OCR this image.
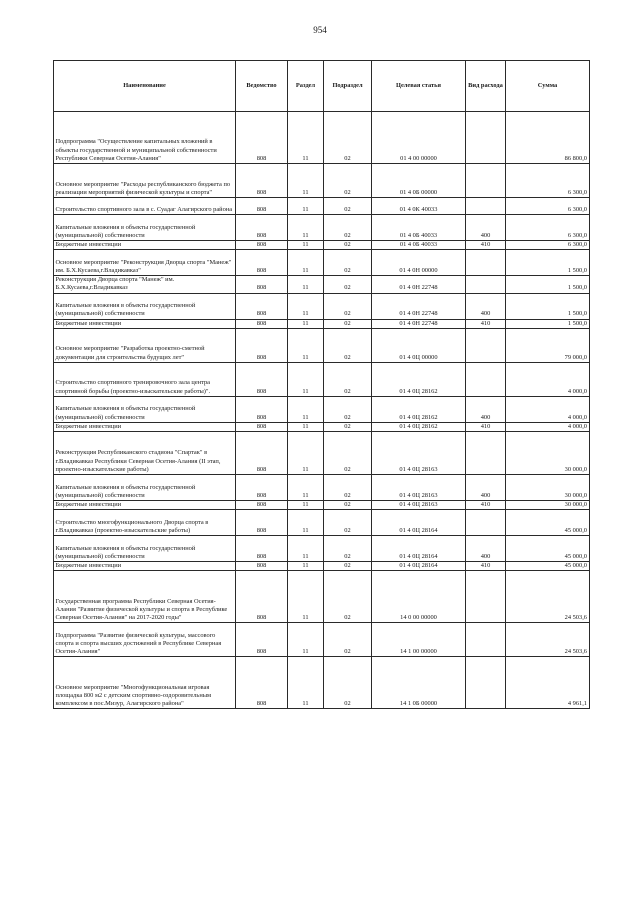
954
Наименование	Ведомство	Раздел	Подраздел	Целевая статья	Вид расхода	Сумма
Подпрограмма "Осуществление капитальных вложений в объекты государственной и муниципальной собственности Республики Северная Осетия-Алания"	808	11	02	01 4 00 00000		86 800,0
Основное мероприятие "Расходы республиканского бюджета по реализации мероприятий физической культуры и спорта"	808	11	02	01 4 0Б 00000		6 300,0
Строительство спортивного зала в с. Суадаг Алагирского района	808	11	02	01 4 0К 40033		6 300,0
Капитальные вложения в объекты государственной (муниципальной) собственности	808	11	02	01 4 0Б 40033	400	6 300,0
Бюджетные инвестиции	808	11	02	01 4 0Б 40033	410	6 300,0
Основное мероприятие "Реконструкция Дворца спорта "Манеж" им. Б.Х.Кусаева,г.Владикавказ"	808	11	02	01 4 0Н 00000		1 500,0
Реконструкция Дворца спорта "Манеж" им. Б.Х.Кусаева,г.Владикавказ	808	11	02	01 4 0Н 22748		1 500,0
Капитальные вложения в объекты государственной (муниципальной) собственности	808	11	02	01 4 0Н 22748	400	1 500,0
Бюджетные инвестиции	808	11	02	01 4 0Н 22748	410	1 500,0
Основное мероприятие "Разработка проектно-сметной документации для строительства будущих лет"	808	11	02	01 4 0Ц 00000		79 000,0
Строительство спортивного тренировочного зала центра спортивной борьбы (проектно-изыскательские работы)".	808	11	02	01 4 0Ц 28162		4 000,0
Капитальные вложения в объекты государственной (муниципальной) собственности	808	11	02	01 4 0Ц 28162	400	4 000,0
Бюджетные инвестиции	808	11	02	01 4 0Ц 28162	410	4 000,0
Реконструкция Республиканского стадиона "Спартак" в г.Владикавказ Республики Северная Осетия-Алания (II этап, проектно-изыскательские работы)	808	11	02	01 4 0Ц 28163		30 000,0
Капитальные вложения в объекты государственной (муниципальной) собственности	808	11	02	01 4 0Ц 28163	400	30 000,0
Бюджетные инвестиции	808	11	02	01 4 0Ц 28163	410	30 000,0
Строительство многофункционального Дворца спорта в г.Владикавказ (проектно-изыскательские работы)	808	11	02	01 4 0Ц 28164		45 000,0
Капитальные вложения в объекты государственной (муниципальной) собственности	808	11	02	01 4 0Ц 28164	400	45 000,0
Бюджетные инвестиции	808	11	02	01 4 0Ц 28164	410	45 000,0
Государственная программа Республики Северная Осетия-Алания "Развитие физической культуры и спорта в Республике Северная Осетия-Алания" на 2017-2020 годы"	808	11	02	14 0 00 00000		24 503,6
Подпрограмма "Развитие физической культуры, массового спорта и спорта высших достижений в Республике Северная Осетия-Алания"	808	11	02	14 1 00 00000		24 503,6
Основное мероприятие "Многофункциональная игровая площадка 800 м2 с детским спортивно-оздоровительным комплексом в пос.Мизур, Алагирского района"	808	11	02	14 1 0Б 00000		4 961,1
